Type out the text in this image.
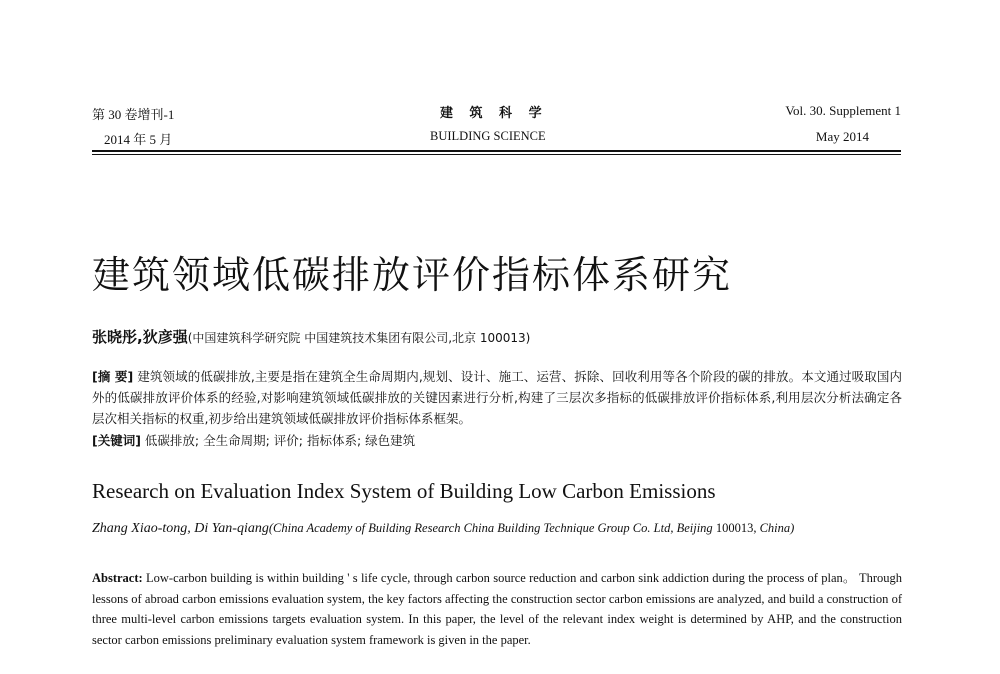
第 30 卷增刊-1
2014 年 5 月
建 筑 科 学
BUILDING SCIENCE
Vol. 30. Supplement 1
May 2014
建筑领域低碳排放评价指标体系研究
张晓彤,狄彦强(中国建筑科学研究院 中国建筑技术集团有限公司,北京 100013)
[摘 要] 建筑领域的低碳排放,主要是指在建筑全生命周期内,规划、设计、施工、运营、拆除、回收利用等各个阶段的碳的排放。本文通过吸取国内外的低碳排放评价体系的经验,对影响建筑领域低碳排放的关键因素进行分析,构建了三层次多指标的低碳排放评价指标体系,利用层次分析法确定各层次相关指标的权重,初步给出建筑领域低碳排放评价指标体系框架。
[关键词] 低碳排放; 全生命周期; 评价; 指标体系; 绿色建筑
Research on Evaluation Index System of Building Low Carbon Emissions
Zhang Xiao-tong, Di Yan-qiang(China Academy of Building Research China Building Technique Group Co. Ltd, Beijing 100013, China)
Abstract: Low-carbon building is within building ' s life cycle, through carbon source reduction and carbon sink addiction during the process of plan。 Through lessons of abroad carbon emissions evaluation system, the key factors affecting the construction sector carbon emissions are analyzed, and build a construction of three multi-level carbon emissions targets evaluation system. In this paper, the level of the relevant index weight is determined by AHP, and the construction sector carbon emissions preliminary evaluation system framework is given in the paper.
